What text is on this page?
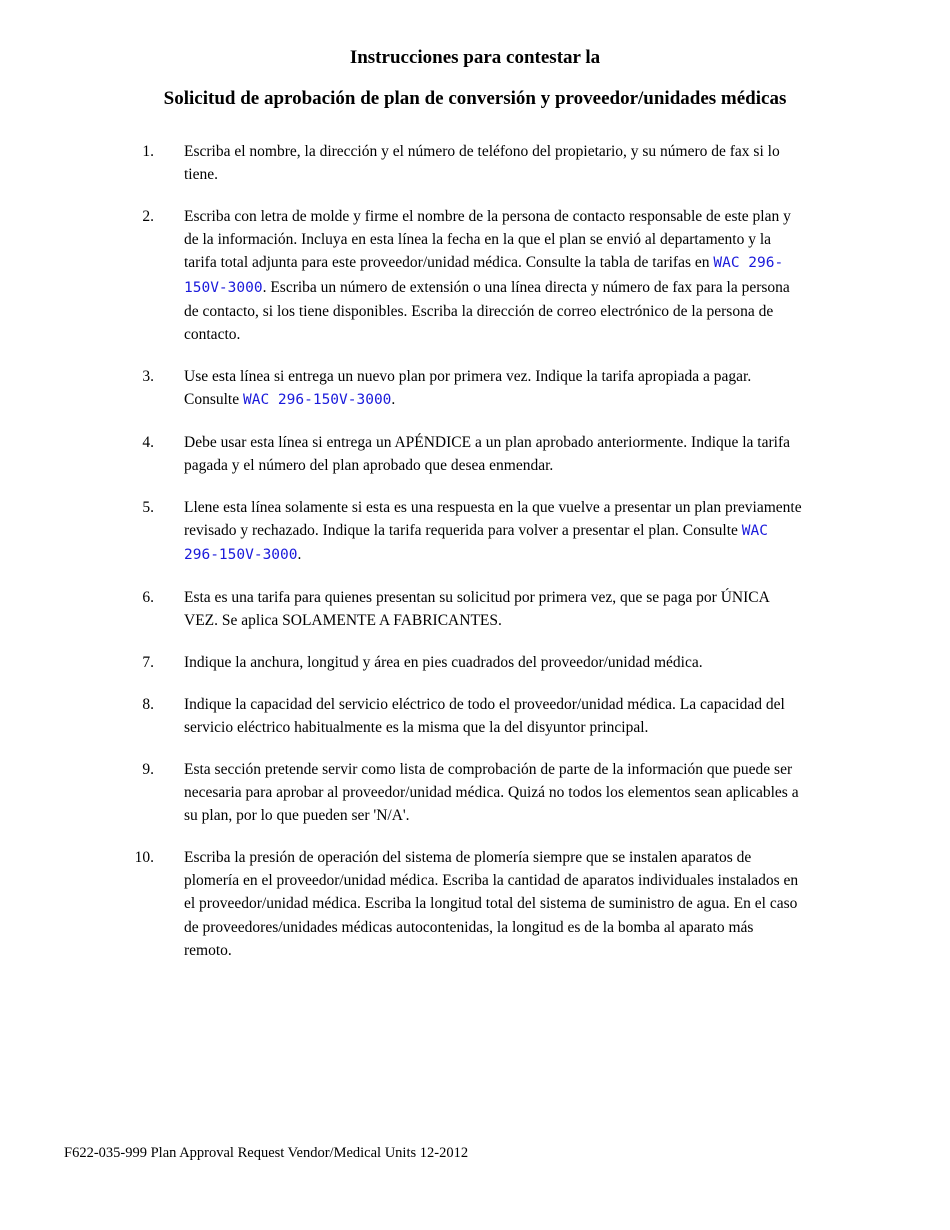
Instrucciones para contestar la
Solicitud de aprobación de plan de conversión y proveedor/unidades médicas
1. Escriba el nombre, la dirección y el número de teléfono del propietario, y su número de fax si lo tiene.
2. Escriba con letra de molde y firme el nombre de la persona de contacto responsable de este plan y de la información. Incluya en esta línea la fecha en la que el plan se envió al departamento y la tarifa total adjunta para este proveedor/unidad médica. Consulte la tabla de tarifas en WAC 296-150V-3000. Escriba un número de extensión o una línea directa y número de fax para la persona de contacto, si los tiene disponibles. Escriba la dirección de correo electrónico de la persona de contacto.
3. Use esta línea si entrega un nuevo plan por primera vez. Indique la tarifa apropiada a pagar. Consulte WAC 296-150V-3000.
4. Debe usar esta línea si entrega un APÉNDICE a un plan aprobado anteriormente. Indique la tarifa pagada y el número del plan aprobado que desea enmendar.
5. Llene esta línea solamente si esta es una respuesta en la que vuelve a presentar un plan previamente revisado y rechazado. Indique la tarifa requerida para volver a presentar el plan. Consulte WAC 296-150V-3000.
6. Esta es una tarifa para quienes presentan su solicitud por primera vez, que se paga por ÚNICA VEZ. Se aplica SOLAMENTE A FABRICANTES.
7. Indique la anchura, longitud y área en pies cuadrados del proveedor/unidad médica.
8. Indique la capacidad del servicio eléctrico de todo el proveedor/unidad médica. La capacidad del servicio eléctrico habitualmente es la misma que la del disyuntor principal.
9. Esta sección pretende servir como lista de comprobación de parte de la información que puede ser necesaria para aprobar al proveedor/unidad médica. Quizá no todos los elementos sean aplicables a su plan, por lo que pueden ser 'N/A'.
10. Escriba la presión de operación del sistema de plomería siempre que se instalen aparatos de plomería en el proveedor/unidad médica. Escriba la cantidad de aparatos individuales instalados en el proveedor/unidad médica. Escriba la longitud total del sistema de suministro de agua. En el caso de proveedores/unidades médicas autocontenidas, la longitud es de la bomba al aparato más remoto.
F622-035-999 Plan Approval Request Vendor/Medical Units 12-2012
